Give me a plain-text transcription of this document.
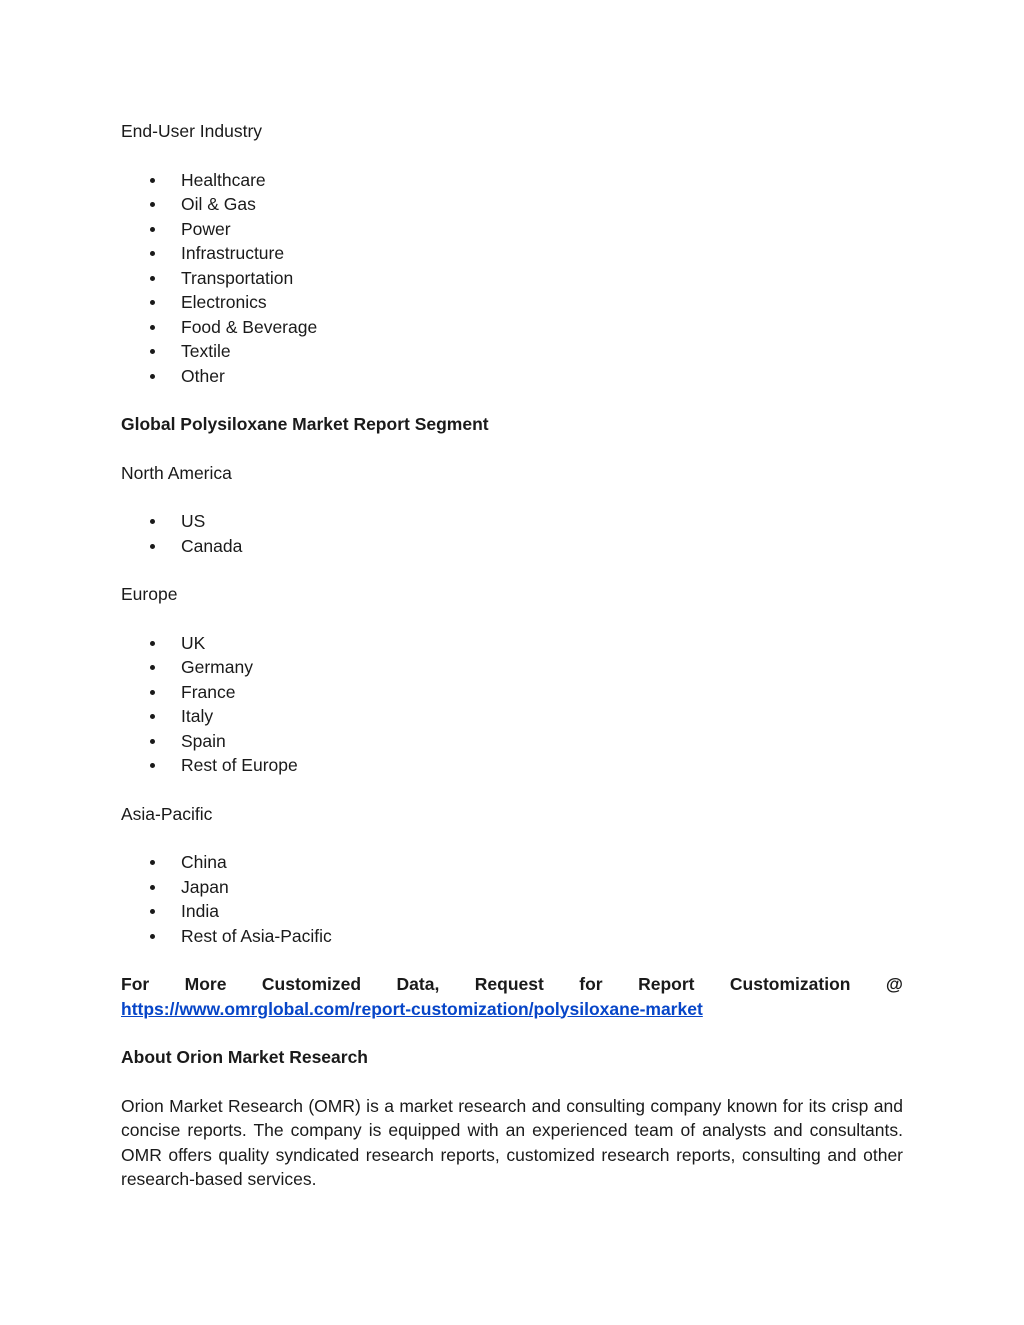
End-User Industry

Healthcare
Oil & Gas
Power
Infrastructure
Transportation
Electronics
Food & Beverage
Textile
Other

Global Polysiloxane Market Report Segment

North America

US
Canada

Europe

UK
Germany
France
Italy
Spain
Rest of Europe

Asia-Pacific

China
Japan
India
Rest of Asia-Pacific
For More Customized Data, Request for Report Customization @
https://www.omrglobal.com/report-customization/polysiloxane-market

About Orion Market Research

Orion Market Research (OMR) is a market research and consulting company known for its crisp and concise reports. The company is equipped with an experienced team of analysts and consultants. OMR offers quality syndicated research reports, customized research reports, consulting and other research-based services.
